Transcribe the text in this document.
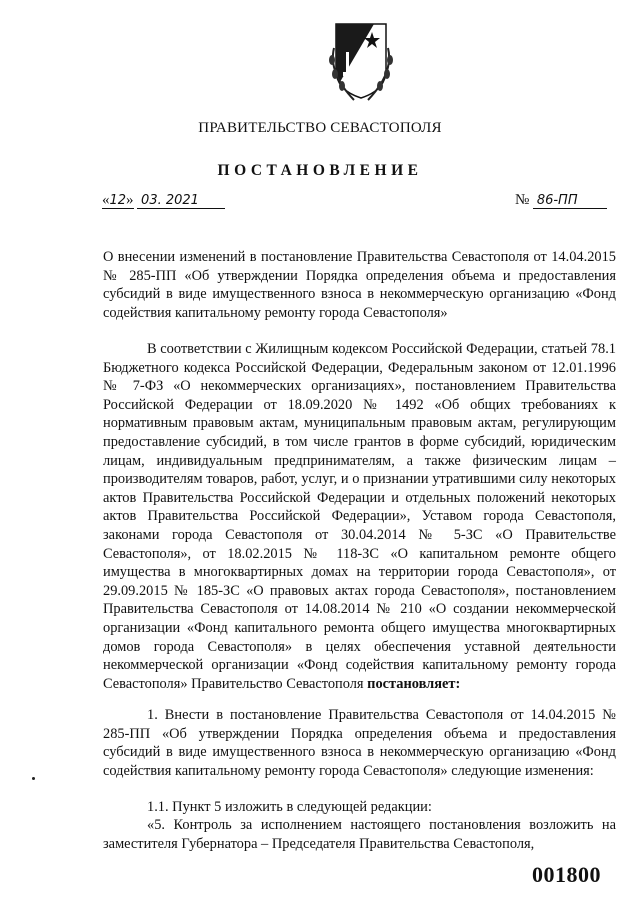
ПРАВИТЕЛЬСТВО СЕВАСТОПОЛЯ
ПОСТАНОВЛЕНИЕ
«12» 03. 2021	№ 86-ПП
О внесении изменений в постановление Правительства Севастополя от 14.04.2015 № 285-ПП «Об утверждении Порядка определения объема и предоставления субсидий в виде имущественного взноса в некоммерческую организацию «Фонд содействия капитальному ремонту города Севастополя»
В соответствии с Жилищным кодексом Российской Федерации, статьей 78.1 Бюджетного кодекса Российской Федерации, Федеральным законом от 12.01.1996 № 7-ФЗ «О некоммерческих организациях», постановлением Правительства Российской Федерации от 18.09.2020 № 1492 «Об общих требованиях к нормативным правовым актам, муниципальным правовым актам, регулирующим предоставление субсидий, в том числе грантов в форме субсидий, юридическим лицам, индивидуальным предпринимателям, а также физическим лицам – производителям товаров, работ, услуг, и о признании утратившими силу некоторых актов Правительства Российской Федерации и отдельных положений некоторых актов Правительства Российской Федерации», Уставом города Севастополя, законами города Севастополя от 30.04.2014 № 5-ЗС «О Правительстве Севастополя», от 18.02.2015 № 118-ЗС «О капитальном ремонте общего имущества в многоквартирных домах на территории города Севастополя», от 29.09.2015 № 185-ЗС «О правовых актах города Севастополя», постановлением Правительства Севастополя от 14.08.2014 № 210 «О создании некоммерческой организации «Фонд капитального ремонта общего имущества многоквартирных домов города Севастополя» в целях обеспечения уставной деятельности некоммерческой организации «Фонд содействия капитальному ремонту города Севастополя» Правительство Севастополя постановляет:
1. Внести в постановление Правительства Севастополя от 14.04.2015 № 285-ПП «Об утверждении Порядка определения объема и предоставления субсидий в виде имущественного взноса в некоммерческую организацию «Фонд содействия капитальному ремонту города Севастополя» следующие изменения:
1.1. Пункт 5 изложить в следующей редакции:
«5. Контроль за исполнением настоящего постановления возложить на заместителя Губернатора – Председателя Правительства Севастополя,
001800
